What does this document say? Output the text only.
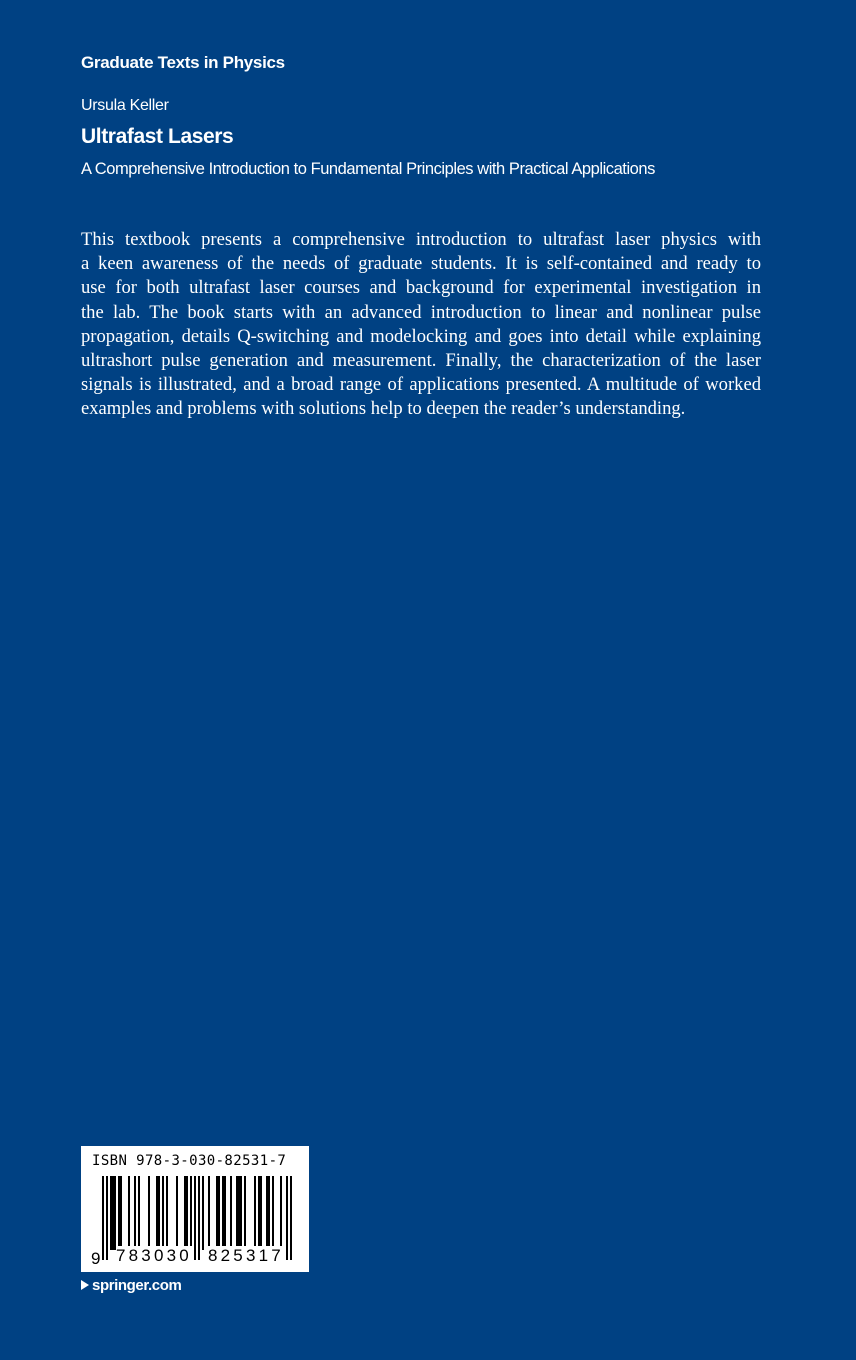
Graduate Texts in Physics
Ursula Keller
Ultrafast Lasers
A Comprehensive Introduction to Fundamental Principles with Practical Applications
This textbook presents a comprehensive introduction to ultrafast laser physics with
a keen awareness of the needs of graduate students. It is self-contained and ready to
use for both ultrafast laser courses and background for experimental investigation in
the lab. The book starts with an advanced introduction to linear and nonlinear pulse
propagation, details Q-switching and modelocking and goes into detail while explaining
ultrashort pulse generation and measurement. Finally, the characterization of the laser
signals is illustrated, and a broad range of applications presented. A multitude of worked
examples and problems with solutions help to deepen the reader’s understanding.
ISBN 978-3-030-82531-7
9 783030 825317
springer.com
